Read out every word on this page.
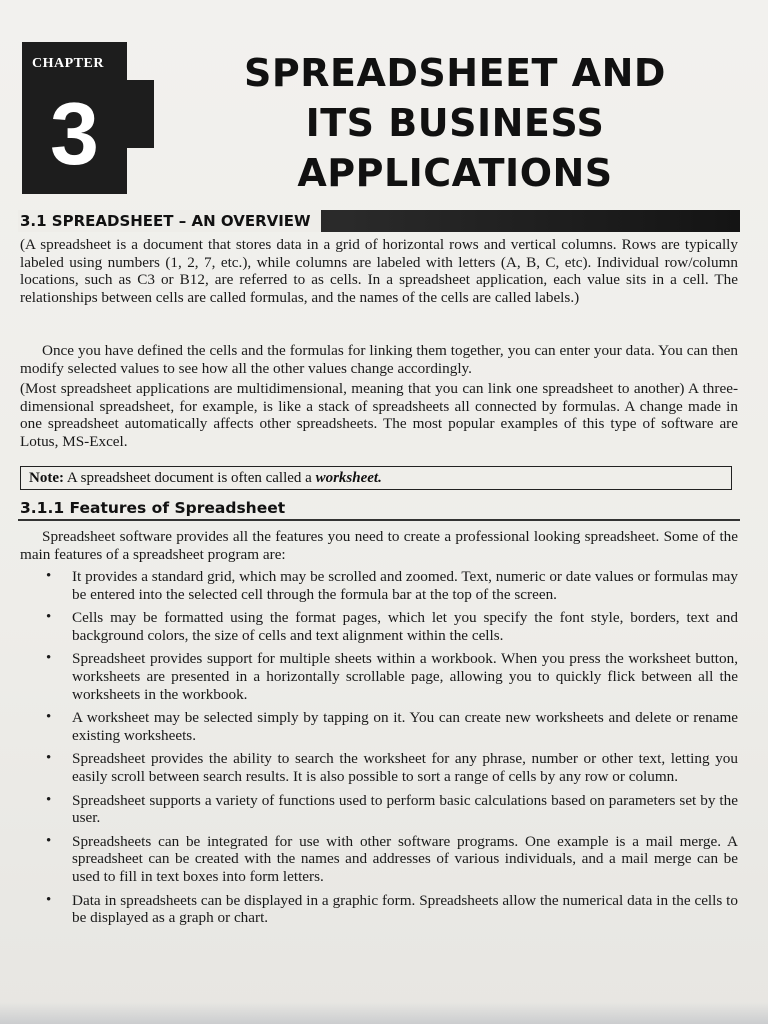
CHAPTER
3
SPREADSHEET AND
ITS BUSINESS
APPLICATIONS
3.1 SPREADSHEET – AN OVERVIEW
(A spreadsheet is a document that stores data in a grid of horizontal rows and vertical columns. Rows are typically labeled using numbers (1, 2, 7, etc.), while columns are labeled with letters (A, B, C, etc). Individual row/column locations, such as C3 or B12, are referred to as cells. In a spreadsheet application, each value sits in a cell. The relationships between cells are called formulas, and the names of the cells are called labels.)
Once you have defined the cells and the formulas for linking them together, you can enter your data. You can then modify selected values to see how all the other values change accordingly.
(Most spreadsheet applications are multidimensional, meaning that you can link one spreadsheet to another) A three-dimensional spreadsheet, for example, is like a stack of spreadsheets all connected by formulas. A change made in one spreadsheet automatically affects other spreadsheets. The most popular examples of this type of software are Lotus, MS-Excel.
Note: A spreadsheet document is often called a worksheet.
3.1.1 Features of Spreadsheet
Spreadsheet software provides all the features you need to create a professional looking spreadsheet. Some of the main features of a spreadsheet program are:
• It provides a standard grid, which may be scrolled and zoomed. Text, numeric or date values or formulas may be entered into the selected cell through the formula bar at the top of the screen.
• Cells may be formatted using the format pages, which let you specify the font style, borders, text and background colors, the size of cells and text alignment within the cells.
• Spreadsheet provides support for multiple sheets within a workbook. When you press the worksheet button, worksheets are presented in a horizontally scrollable page, allowing you to quickly flick between all the worksheets in the workbook.
• A worksheet may be selected simply by tapping on it. You can create new worksheets and delete or rename existing worksheets.
• Spreadsheet provides the ability to search the worksheet for any phrase, number or other text, letting you easily scroll between search results. It is also possible to sort a range of cells by any row or column.
• Spreadsheet supports a variety of functions used to perform basic calculations based on parameters set by the user.
• Spreadsheets can be integrated for use with other software programs. One example is a mail merge. A spreadsheet can be created with the names and addresses of various individuals, and a mail merge can be used to fill in text boxes into form letters.
• Data in spreadsheets can be displayed in a graphic form. Spreadsheets allow the numerical data in the cells to be displayed as a graph or chart.
